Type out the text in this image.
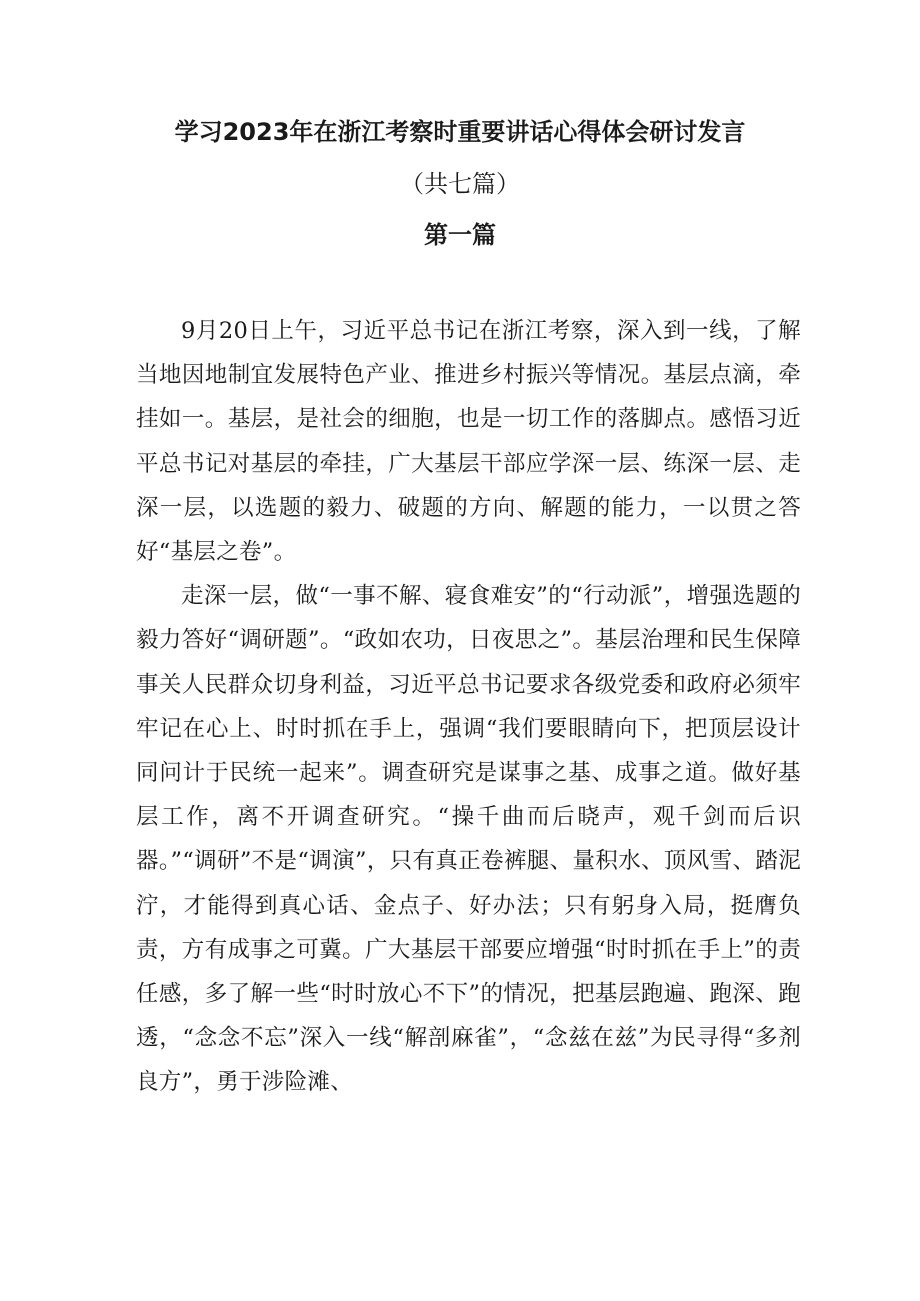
学习2023年在浙江考察时重要讲话心得体会研讨发言
（共七篇）
第一篇

9月20日上午，习近平总书记在浙江考察，深入到一线，了解当地因地制宜发展特色产业、推进乡村振兴等情况。基层点滴，牵挂如一。基层，是社会的细胞，也是一切工作的落脚点。感悟习近平总书记对基层的牵挂，广大基层干部应学深一层、练深一层、走深一层，以选题的毅力、破题的方向、解题的能力，一以贯之答好“基层之卷”。

走深一层，做“一事不解、寝食难安”的“行动派”，增强选题的毅力答好“调研题”。“政如农功，日夜思之”。基层治理和民生保障事关人民群众切身利益，习近平总书记要求各级党委和政府必须牢牢记在心上、时时抓在手上，强调“我们要眼睛向下，把顶层设计同问计于民统一起来”。调查研究是谋事之基、成事之道。做好基层工作，离不开调查研究。“操千曲而后晓声，观千剑而后识器。”“调研”不是“调演”，只有真正卷裤腿、量积水、顶风雪、踏泥泞，才能得到真心话、金点子、好办法；只有躬身入局，挺膺负责，方有成事之可冀。广大基层干部要应增强“时时抓在手上”的责任感，多了解一些“时时放心不下”的情况，把基层跑遍、跑深、跑透，“念念不忘”深入一线“解剖麻雀”，“念兹在兹”为民寻得“多剂良方”，勇于涉险滩、
